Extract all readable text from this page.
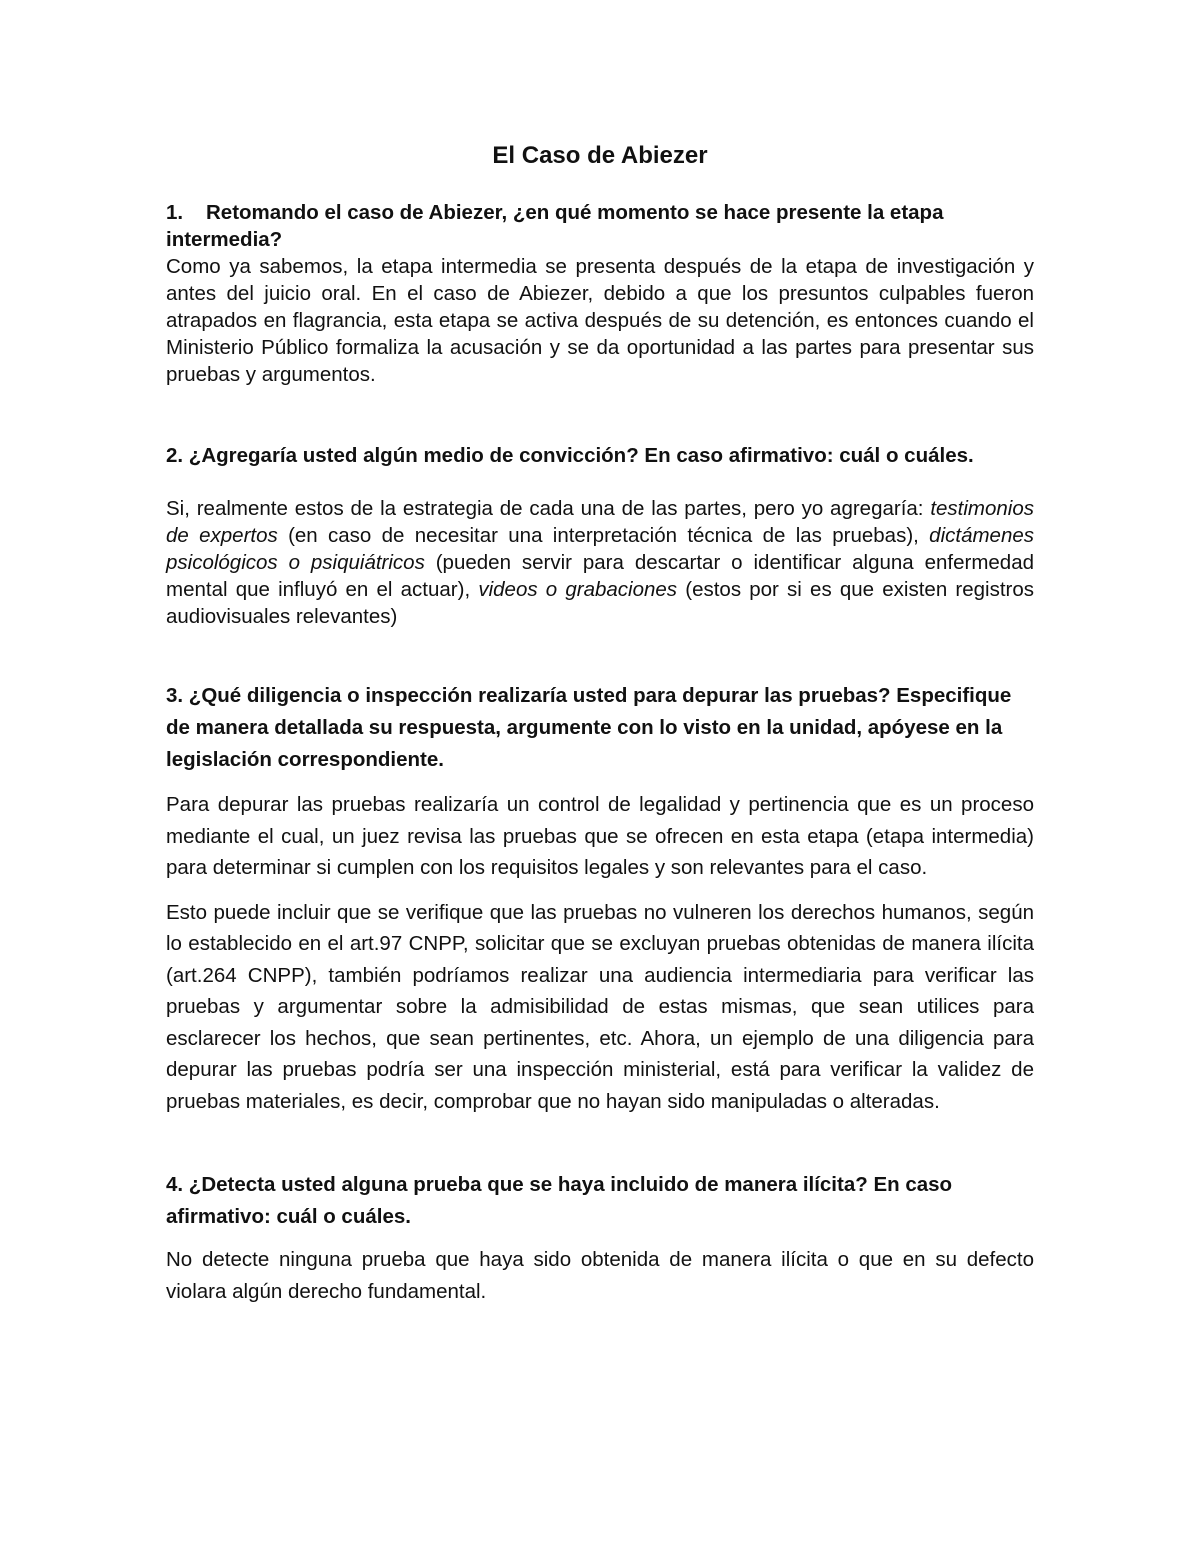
El Caso de Abiezer

1. Retomando el caso de Abiezer, ¿en qué momento se hace presente la etapa intermedia?

Como ya sabemos, la etapa intermedia se presenta después de la etapa de investigación y antes del juicio oral. En el caso de Abiezer, debido a que los presuntos culpables fueron atrapados en flagrancia, esta etapa se activa después de su detención, es entonces cuando el Ministerio Público formaliza la acusación y se da oportunidad a las partes para presentar sus pruebas y argumentos.

2. ¿Agregaría usted algún medio de convicción? En caso afirmativo: cuál o cuáles.

Si, realmente estos de la estrategia de cada una de las partes, pero yo agregaría: testimonios de expertos (en caso de necesitar una interpretación técnica de las pruebas), dictámenes psicológicos o psiquiátricos (pueden servir para descartar o identificar alguna enfermedad mental que influyó en el actuar), videos o grabaciones (estos por si es que existen registros audiovisuales relevantes)

3. ¿Qué diligencia o inspección realizaría usted para depurar las pruebas? Especifique de manera detallada su respuesta, argumente con lo visto en la unidad, apóyese en la legislación correspondiente.

Para depurar las pruebas realizaría un control de legalidad y pertinencia que es un proceso mediante el cual, un juez revisa las pruebas que se ofrecen en esta etapa (etapa intermedia) para determinar si cumplen con los requisitos legales y son relevantes para el caso.

Esto puede incluir que se verifique que las pruebas no vulneren los derechos humanos, según lo establecido en el art.97 CNPP, solicitar que se excluyan pruebas obtenidas de manera ilícita (art.264 CNPP), también podríamos realizar una audiencia intermediaria para verificar las pruebas y argumentar sobre la admisibilidad de estas mismas, que sean utilices para esclarecer los hechos, que sean pertinentes, etc. Ahora, un ejemplo de una diligencia para depurar las pruebas podría ser una inspección ministerial, está para verificar la validez de pruebas materiales, es decir, comprobar que no hayan sido manipuladas o alteradas.

4. ¿Detecta usted alguna prueba que se haya incluido de manera ilícita? En caso afirmativo: cuál o cuáles.

No detecte ninguna prueba que haya sido obtenida de manera ilícita o que en su defecto violara algún derecho fundamental.
